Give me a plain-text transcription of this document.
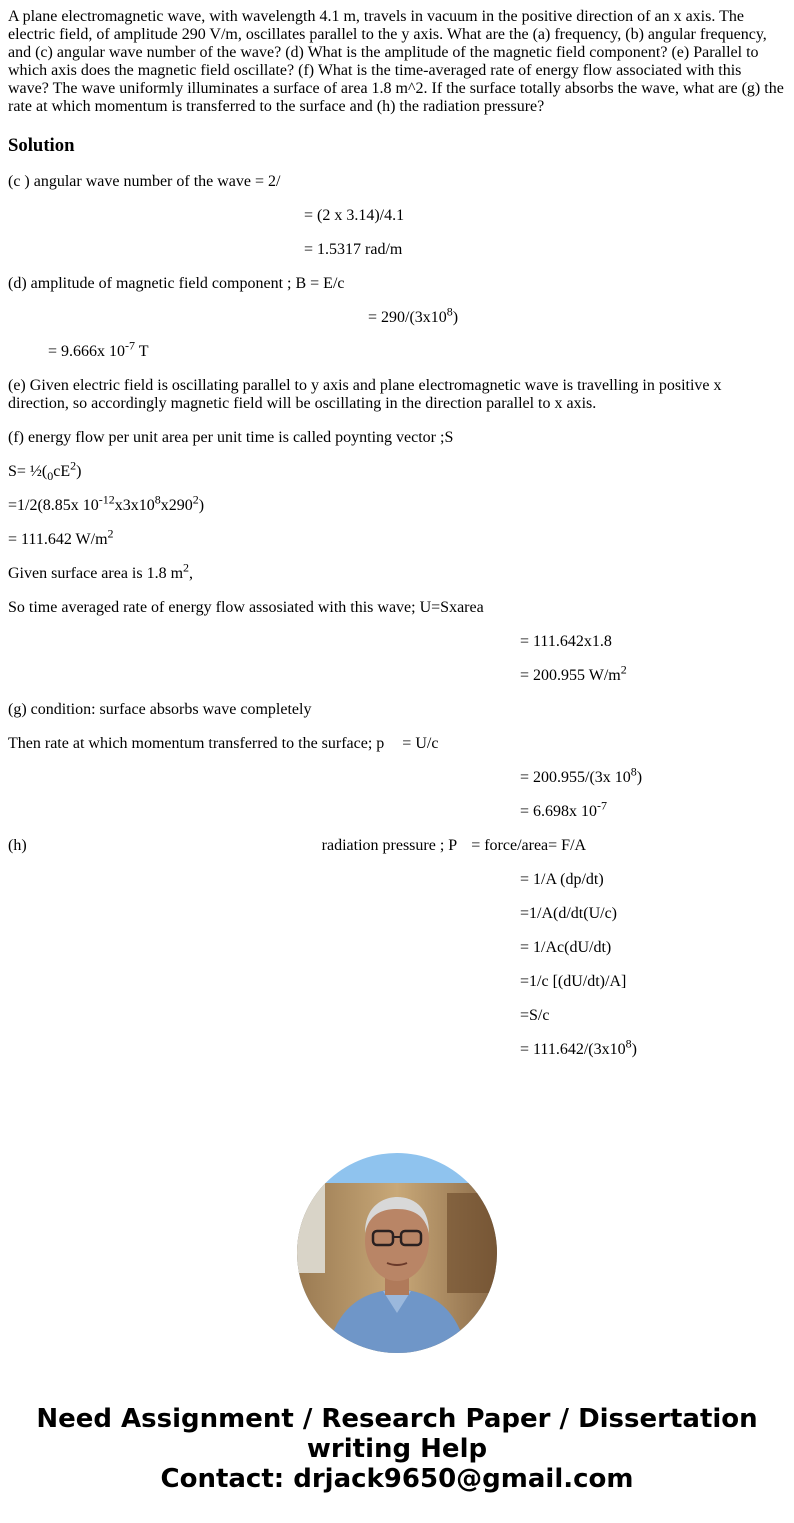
A plane electromagnetic wave, with wavelength 4.1 m, travels in vacuum in the positive direction of an x axis. The electric field, of amplitude 290 V/m, oscillates parallel to the y axis. What are the (a) frequency, (b) angular frequency, and (c) angular wave number of the wave? (d) What is the amplitude of the magnetic field component? (e) Parallel to which axis does the magnetic field oscillate? (f) What is the time-averaged rate of energy flow associated with this wave? The wave uniformly illuminates a surface of area 1.8 m^2. If the surface totally absorbs the wave, what are (g) the rate at which momentum is transferred to the surface and (h) the radiation pressure?

Solution

(c ) angular wave number of the wave = 2/

= (2 x 3.14)/4.1

= 1.5317 rad/m

(d) amplitude of magnetic field component ; B = E/c

= $290/(3x10^8)$

= 9.666x $10^{-7}$ T

(e) Given electric field is oscillating parallel to y axis and plane electromagnetic wave is travelling in positive x direction, so accordingly magnetic field will be oscillating in the direction parallel to x axis.

(f) energy flow per unit area per unit time is called poynting vector ;S

$S= \frac{1}{2}(_0cE^2)$

=1/2(8.85x $10^{-12}x3x10^8x290^2$)

= 111.642 $W/m^2$

Given surface area is 1.8 $m^2$,

So time averaged rate of energy flow assosiated with this wave; U=Sxarea

= 111.642x1.8

= 200.955 $W/m^2$

(g) condition: surface absorbs wave completely

Then rate at which momentum transferred to the surface; p = U/c

= 200.955/(3x $10^8$)

= 6.698x $10^{-7}$

(h)	radiation pressure ; P = force/area= F/A

= 1/A (dp/dt)

=1/A(d/dt(U/c)

= 1/Ac(dU/dt)

=1/c [(dU/dt)/A]

=S/c

= $111.642/(3x10^8)$

Need Assignment / Research Paper / Dissertation
writing Help
Contact: drjack9650@gmail.com
